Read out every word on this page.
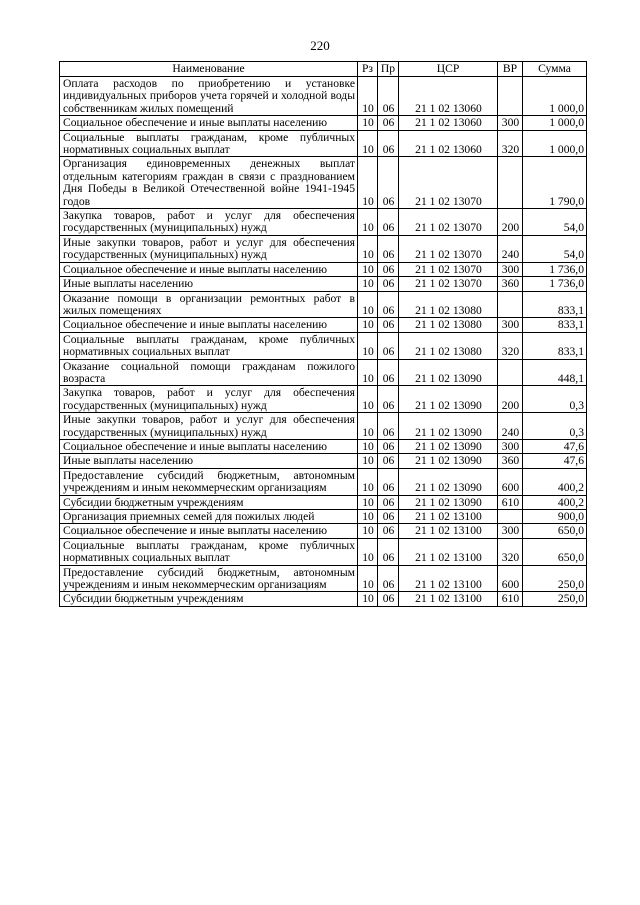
220
Наименование	Рз	Пр	ЦСР	ВР	Сумма
Оплата расходов по приобретению и установке индивидуальных приборов учета горячей и холодной воды собственникам жилых помещений	10	06	21 1 02 13060		1 000,0
Социальное обеспечение и иные выплаты населению	10	06	21 1 02 13060	300	1 000,0
Социальные выплаты гражданам, кроме публичных нормативных социальных выплат	10	06	21 1 02 13060	320	1 000,0
Организация единовременных денежных выплат отдельным категориям граждан в связи с празднованием Дня Победы в Великой Отечественной войне 1941-1945 годов	10	06	21 1 02 13070		1 790,0
Закупка товаров, работ и услуг для обеспечения государственных (муниципальных) нужд	10	06	21 1 02 13070	200	54,0
Иные закупки товаров, работ и услуг для обеспечения государственных (муниципальных) нужд	10	06	21 1 02 13070	240	54,0
Социальное обеспечение и иные выплаты населению	10	06	21 1 02 13070	300	1 736,0
Иные выплаты населению	10	06	21 1 02 13070	360	1 736,0
Оказание помощи в организации ремонтных работ в жилых помещениях	10	06	21 1 02 13080		833,1
Социальное обеспечение и иные выплаты населению	10	06	21 1 02 13080	300	833,1
Социальные выплаты гражданам, кроме публичных нормативных социальных выплат	10	06	21 1 02 13080	320	833,1
Оказание социальной помощи гражданам пожилого возраста	10	06	21 1 02 13090		448,1
Закупка товаров, работ и услуг для обеспечения государственных (муниципальных) нужд	10	06	21 1 02 13090	200	0,3
Иные закупки товаров, работ и услуг для обеспечения государственных (муниципальных) нужд	10	06	21 1 02 13090	240	0,3
Социальное обеспечение и иные выплаты населению	10	06	21 1 02 13090	300	47,6
Иные выплаты населению	10	06	21 1 02 13090	360	47,6
Предоставление субсидий бюджетным, автономным учреждениям и иным некоммерческим организациям	10	06	21 1 02 13090	600	400,2
Субсидии бюджетным учреждениям	10	06	21 1 02 13090	610	400,2
Организация приемных семей для пожилых людей	10	06	21 1 02 13100		900,0
Социальное обеспечение и иные выплаты населению	10	06	21 1 02 13100	300	650,0
Социальные выплаты гражданам, кроме публичных нормативных социальных выплат	10	06	21 1 02 13100	320	650,0
Предоставление субсидий бюджетным, автономным учреждениям и иным некоммерческим организациям	10	06	21 1 02 13100	600	250,0
Субсидии бюджетным учреждениям	10	06	21 1 02 13100	610	250,0
